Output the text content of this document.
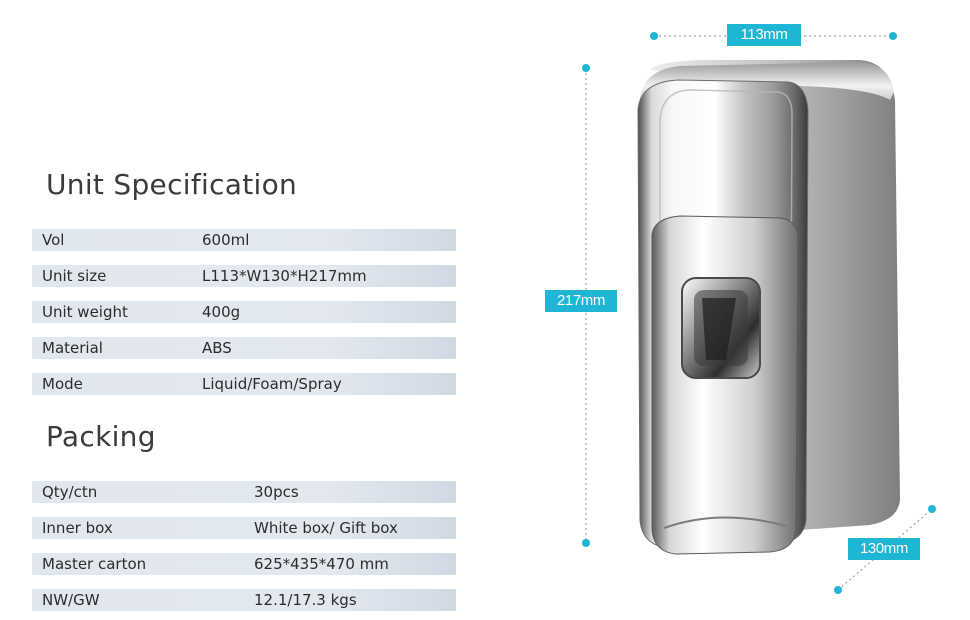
Unit Specification
Vol	600ml
Unit size	L113*W130*H217mm
Unit weight	400g
Material	ABS
Mode	Liquid/Foam/Spray
Packing
Qty/ctn	30pcs
Inner box	White box/ Gift box
Master carton	625*435*470 mm
NW/GW	12.1/17.3 kgs
113mm
217mm
130mm
